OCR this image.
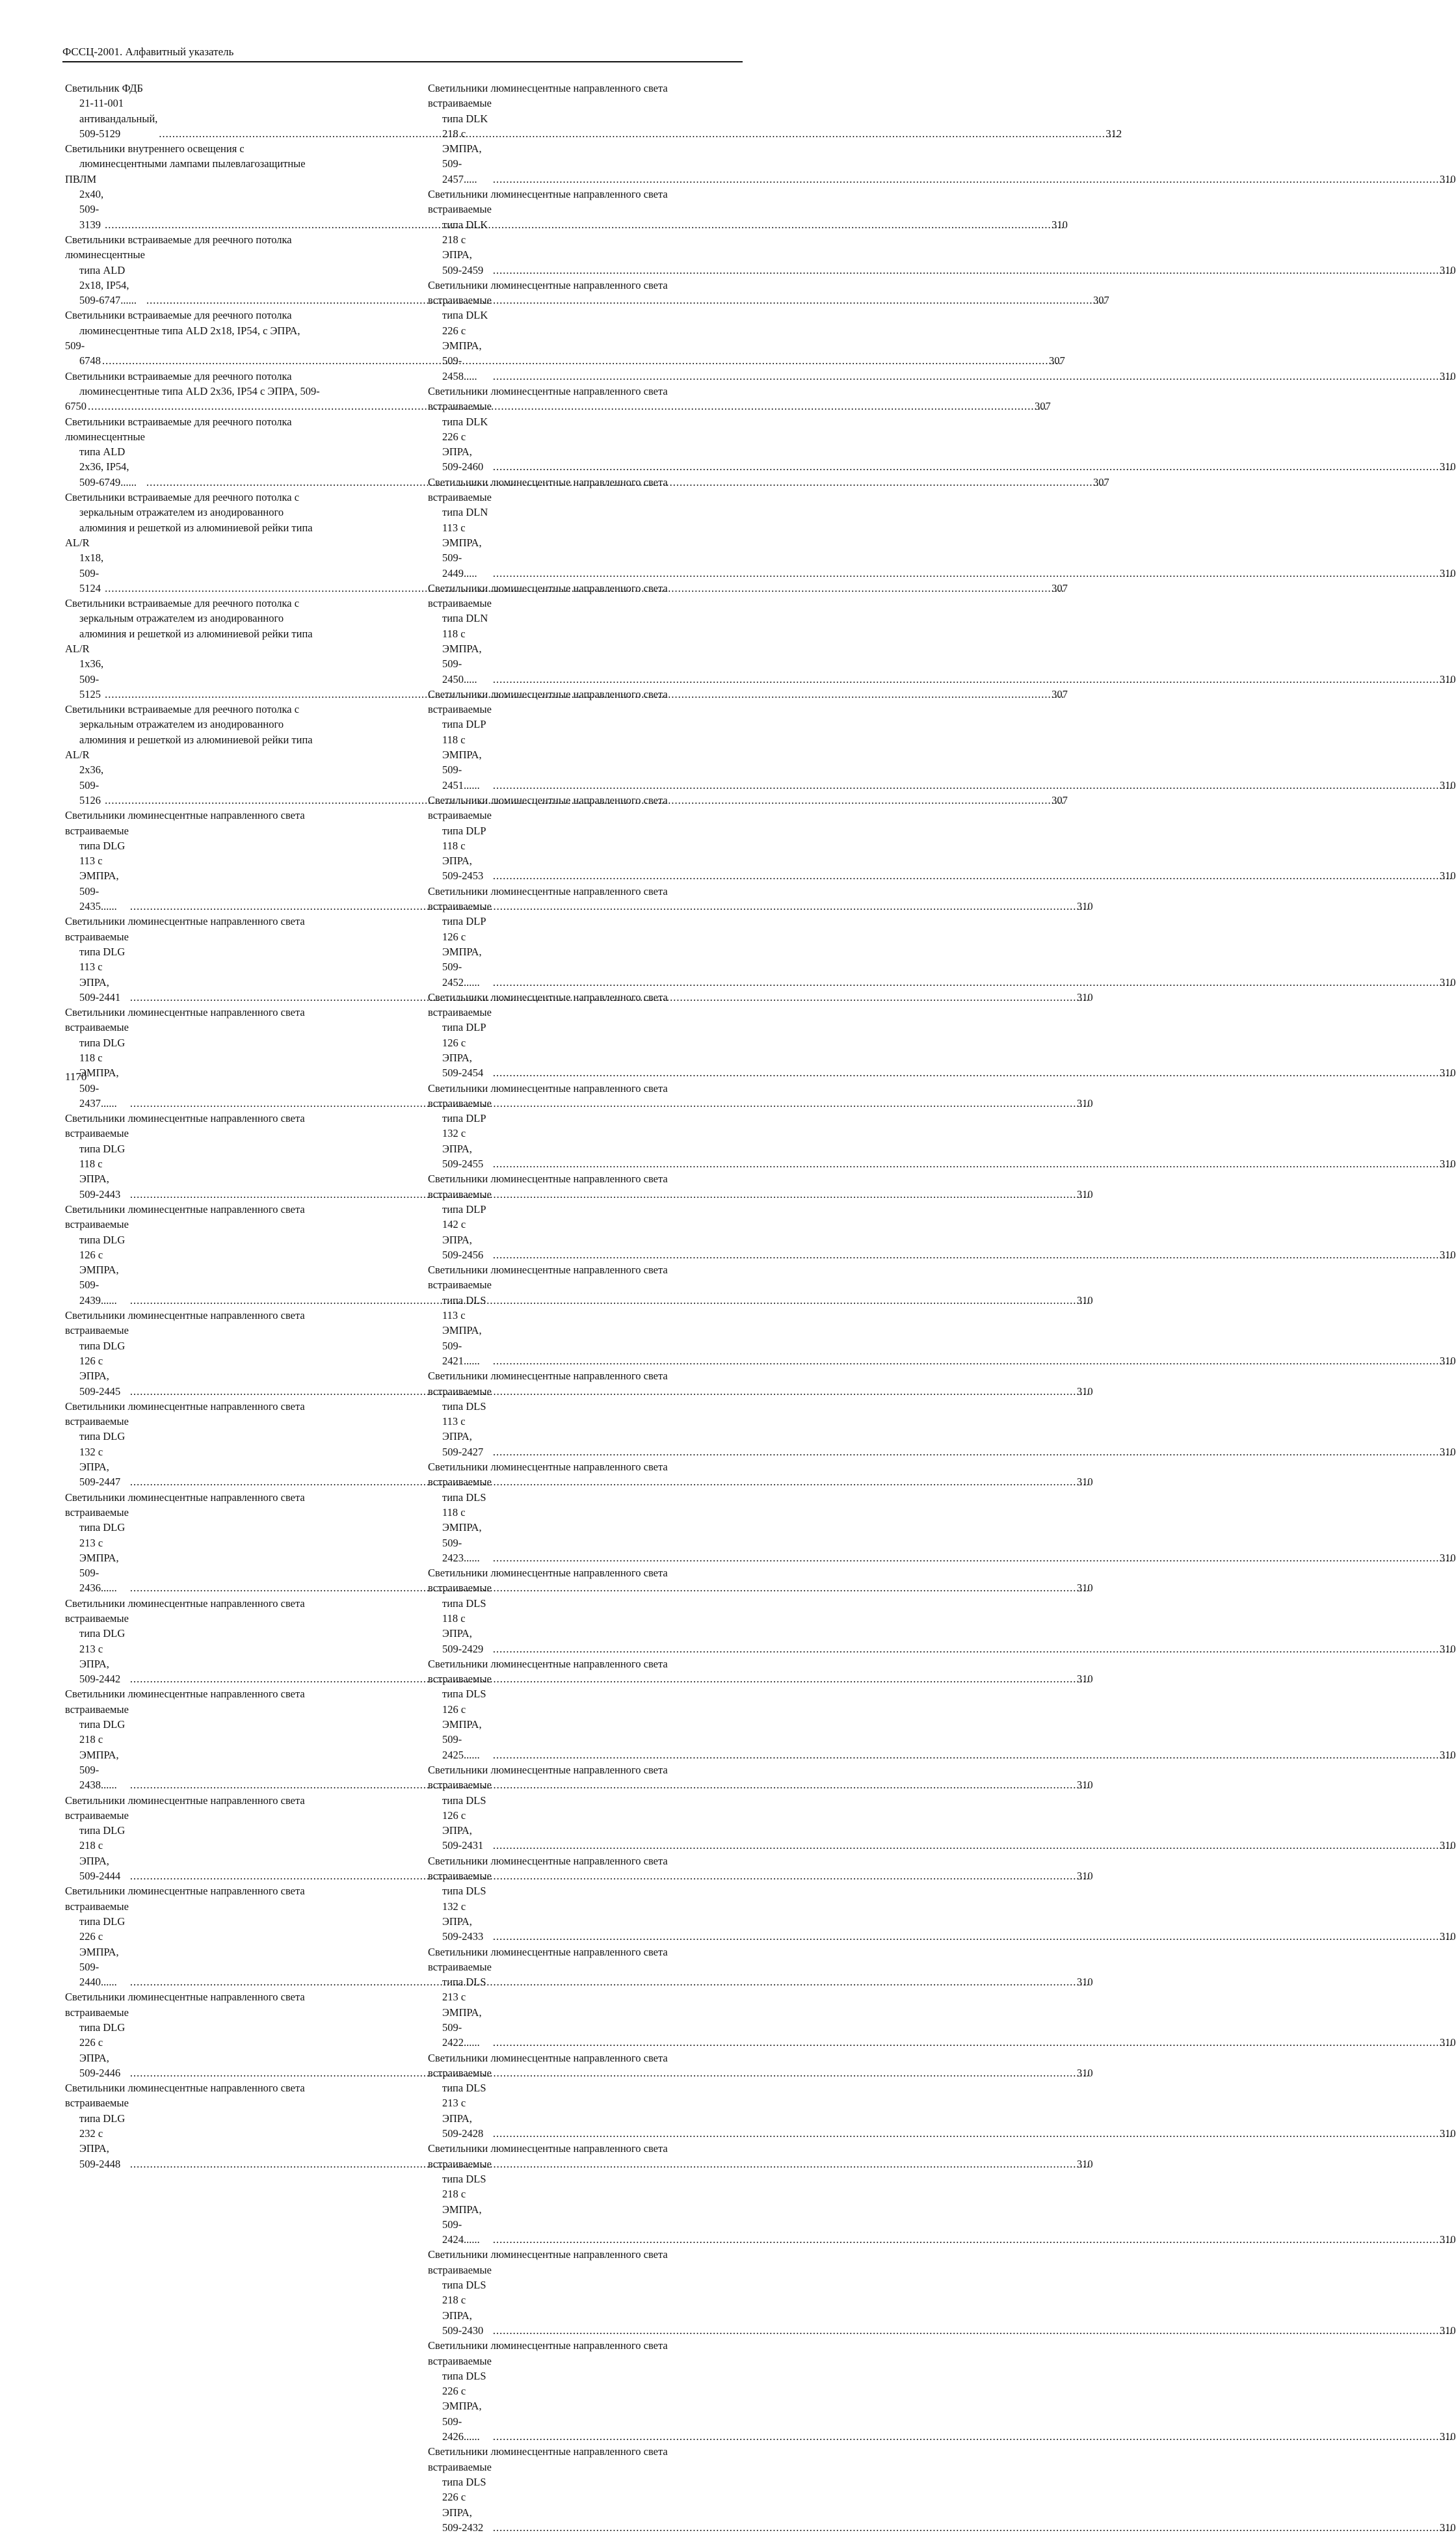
ФССЦ-2001. Алфавитный указатель
Светильник ФДБ 21-11-001 антивандальный, 509-5129 .....	312
Светильники внутреннего освещения с
люминесцентными лампами пылевлагозащитные

ПВЛМ 2х40, 509-3139 .....	310
Светильники встраиваемые для реечного потолка

люминесцентные типа ALD 2х18, IP54, 509-6747...... .....	307
Светильники встраиваемые для реечного потолка
люминесцентные типа ALD 2х18, IP54, с ЭПРА,

509-6748 .....	307
Светильники встраиваемые для реечного потолка
люминесцентные типа ALD 2х36, IP54 с ЭПРА, 509-

6750 .....	307
Светильники встраиваемые для реечного потолка

люминесцентные типа ALD 2х36, IP54, 509-6749...... .....	307
Светильники встраиваемые для реечного потолка с
зеркальным отражателем из анодированного
алюминия и решеткой из алюминиевой рейки типа

AL/R 1х18, 509-5124 .....	307
Светильники встраиваемые для реечного потолка с
зеркальным отражателем из анодированного
алюминия и решеткой из алюминиевой рейки типа

AL/R 1х36, 509-5125 .....	307
Светильники встраиваемые для реечного потолка с
зеркальным отражателем из анодированного
алюминия и решеткой из алюминиевой рейки типа

AL/R 2х36, 509-5126 .....	307
Светильники люминесцентные направленного света

встраиваемые типа DLG 113 с ЭМПРА, 509-2435...... .....	310
Светильники люминесцентные направленного света

встраиваемые типа DLG 113 с ЭПРА, 509-2441 .....	310
Светильники люминесцентные направленного света

встраиваемые типа DLG 118 с ЭМПРА, 509-2437...... .....	310
Светильники люминесцентные направленного света

встраиваемые типа DLG 118 с ЭПРА, 509-2443 .....	310
Светильники люминесцентные направленного света

встраиваемые типа DLG 126 с ЭМПРА, 509-2439...... .....	310
Светильники люминесцентные направленного света

встраиваемые типа DLG 126 с ЭПРА, 509-2445 .....	310
Светильники люминесцентные направленного света

встраиваемые типа DLG 132 с ЭПРА, 509-2447 .....	310
Светильники люминесцентные направленного света

встраиваемые типа DLG 213 с ЭМПРА, 509-2436...... .....	310
Светильники люминесцентные направленного света

встраиваемые типа DLG 213 с ЭПРА, 509-2442 .....	310
Светильники люминесцентные направленного света

встраиваемые типа DLG 218 с ЭМПРА, 509-2438...... .....	310
Светильники люминесцентные направленного света

встраиваемые типа DLG 218 с ЭПРА, 509-2444 .....	310
Светильники люминесцентные направленного света

встраиваемые типа DLG 226 с ЭМПРА, 509-2440...... .....	310
Светильники люминесцентные направленного света

встраиваемые типа DLG 226 с ЭПРА, 509-2446 .....	310
Светильники люминесцентные направленного света

встраиваемые типа DLG 232 с ЭПРА, 509-2448 .....	310
Светильники люминесцентные направленного света

встраиваемые типа DLK 218 с ЭМПРА, 509-2457..... .....	310
Светильники люминесцентные направленного света

встраиваемые типа DLK 218 с ЭПРА, 509-2459 .....	310
Светильники люминесцентные направленного света

встраиваемые типа DLK 226 с ЭМПРА, 509-2458..... .....	310
Светильники люминесцентные направленного света

встраиваемые типа DLK 226 с ЭПРА, 509-2460 .....	310
Светильники люминесцентные направленного света

встраиваемые типа DLN 113 с ЭМПРА, 509-2449..... .....	310
Светильники люминесцентные направленного света

встраиваемые типа DLN 118 с ЭМПРА, 509-2450..... .....	310
Светильники люминесцентные направленного света

встраиваемые типа DLP 118 с ЭМПРА, 509-2451...... .....	310
Светильники люминесцентные направленного света

встраиваемые типа DLP 118 с ЭПРА, 509-2453 .....	310
Светильники люминесцентные направленного света

встраиваемые типа DLP 126 с ЭМПРА, 509-2452...... .....	310
Светильники люминесцентные направленного света

встраиваемые типа DLP 126 с ЭПРА, 509-2454 .....	310
Светильники люминесцентные направленного света

встраиваемые типа DLP 132 с ЭПРА, 509-2455 .....	310
Светильники люминесцентные направленного света

встраиваемые типа DLP 142 с ЭПРА, 509-2456 .....	310
Светильники люминесцентные направленного света

встраиваемые типа DLS 113 с ЭМПРА, 509-2421...... .....	310
Светильники люминесцентные направленного света

встраиваемые типа DLS 113 с ЭПРА, 509-2427 .....	310
Светильники люминесцентные направленного света

встраиваемые типа DLS 118 с ЭМПРА, 509-2423...... .....	310
Светильники люминесцентные направленного света

встраиваемые типа DLS 118 с ЭПРА, 509-2429 .....	310
Светильники люминесцентные направленного света

встраиваемые типа DLS 126 с ЭМПРА, 509-2425...... .....	310
Светильники люминесцентные направленного света

встраиваемые типа DLS 126 с ЭПРА, 509-2431 .....	310
Светильники люминесцентные направленного света

встраиваемые типа DLS 132 с ЭПРА, 509-2433 .....	310
Светильники люминесцентные направленного света

встраиваемые типа DLS 213 с ЭМПРА, 509-2422...... .....	310
Светильники люминесцентные направленного света

встраиваемые типа DLS 213 с ЭПРА, 509-2428 .....	310
Светильники люминесцентные направленного света

встраиваемые типа DLS 218 с ЭМПРА, 509-2424...... .....	310
Светильники люминесцентные направленного света

встраиваемые типа DLS 218 с ЭПРА, 509-2430 .....	310
Светильники люминесцентные направленного света

встраиваемые типа DLS 226 с ЭМПРА, 509-2426...... .....	310
Светильники люминесцентные направленного света

встраиваемые типа DLS 226 с ЭПРА, 509-2432 .....	310
1170
